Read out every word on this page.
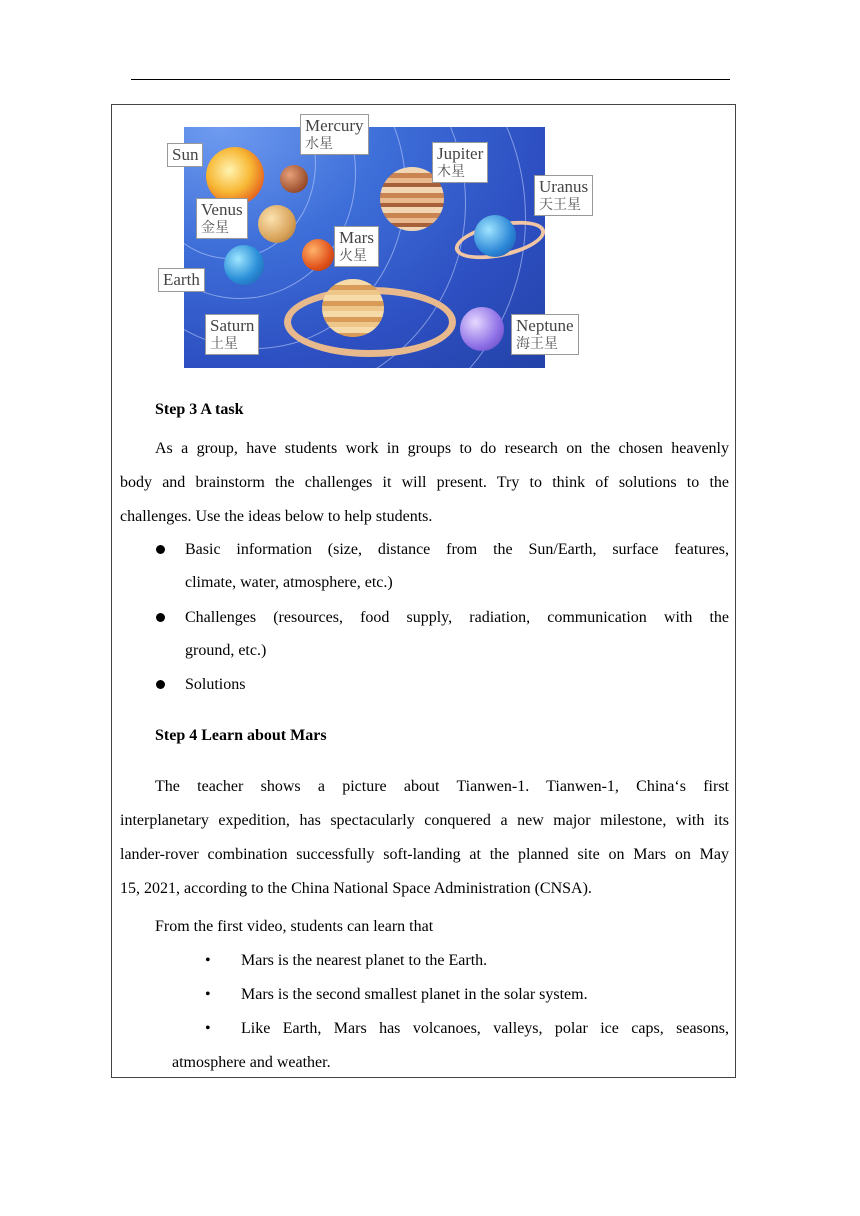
Sun
Mercury
水星	Jupiter
木星
Uranus
天王星
Venus
金星	Mars
火星
Earth
Saturn
土星
Neptune
海王星
Step 3 A task
As a group, have students work in groups to do research on the chosen heavenly
body and brainstorm the challenges it will present. Try to think of solutions to the
challenges. Use the ideas below to help students.
Basic information (size, distance from the Sun/Earth, surface features,
climate, water, atmosphere, etc.)
Challenges (resources, food supply, radiation, communication with the
ground, etc.)
Solutions
Step 4 Learn about Mars
The teacher shows a picture about Tianwen-1. Tianwen-1, China‘s first
interplanetary expedition, has spectacularly conquered a new major milestone, with its
lander-rover combination successfully soft-landing at the planned site on Mars on May
15, 2021, according to the China National Space Administration (CNSA).
From the first video, students can learn that
• Mars is the nearest planet to the Earth.
• Mars is the second smallest planet in the solar system.
• Like Earth, Mars has volcanoes, valleys, polar ice caps, seasons,
atmosphere and weather.
